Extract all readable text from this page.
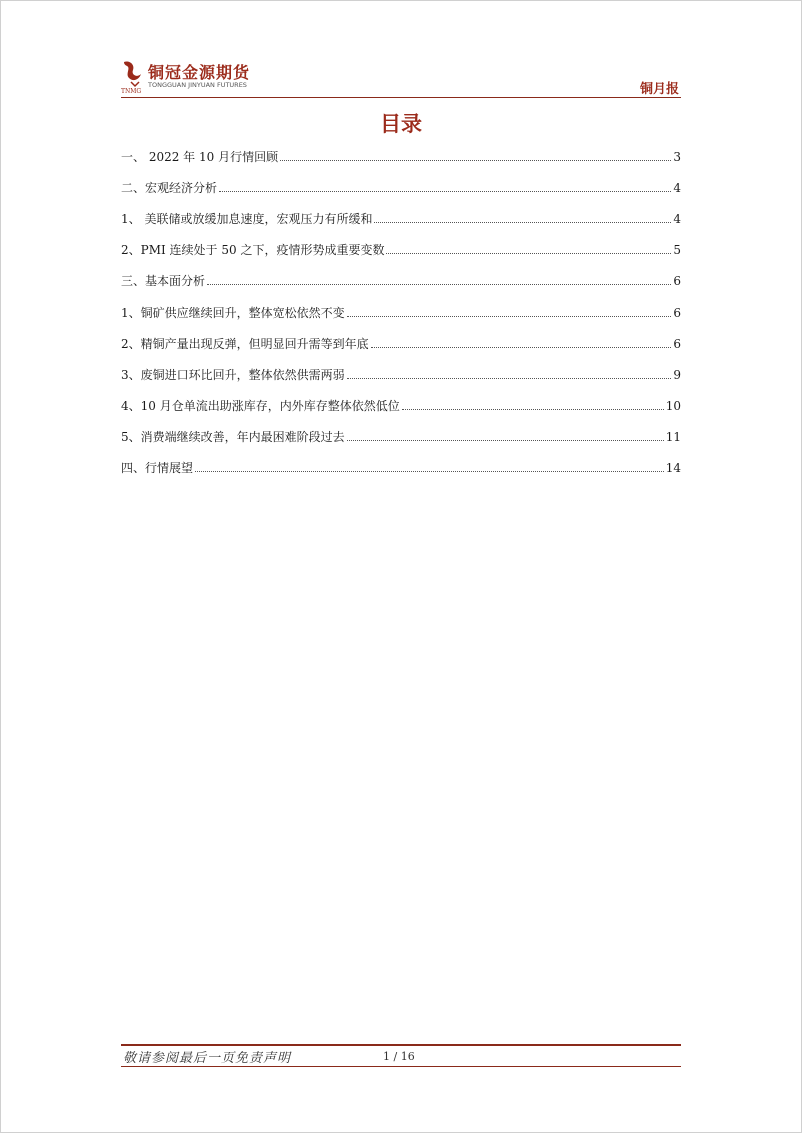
铜冠金源期货
TONGGUAN JINYUAN FUTURES
TNMG	铜月报
目录
一、 2022 年 10 月行情回顾	3
二、宏观经济分析	4
1、 美联储或放缓加息速度，宏观压力有所缓和	4
2、PMI 连续处于 50 之下，疫情形势成重要变数	5
三、基本面分析	6
1、铜矿供应继续回升，整体宽松依然不变	6
2、精铜产量出现反弹，但明显回升需等到年底	6
3、废铜进口环比回升，整体依然供需两弱	9
4、10 月仓单流出助涨库存，内外库存整体依然低位	10
5、消费端继续改善，年内最困难阶段过去	11
四、行情展望	14
敬请参阅最后一页免责声明	1 / 16
